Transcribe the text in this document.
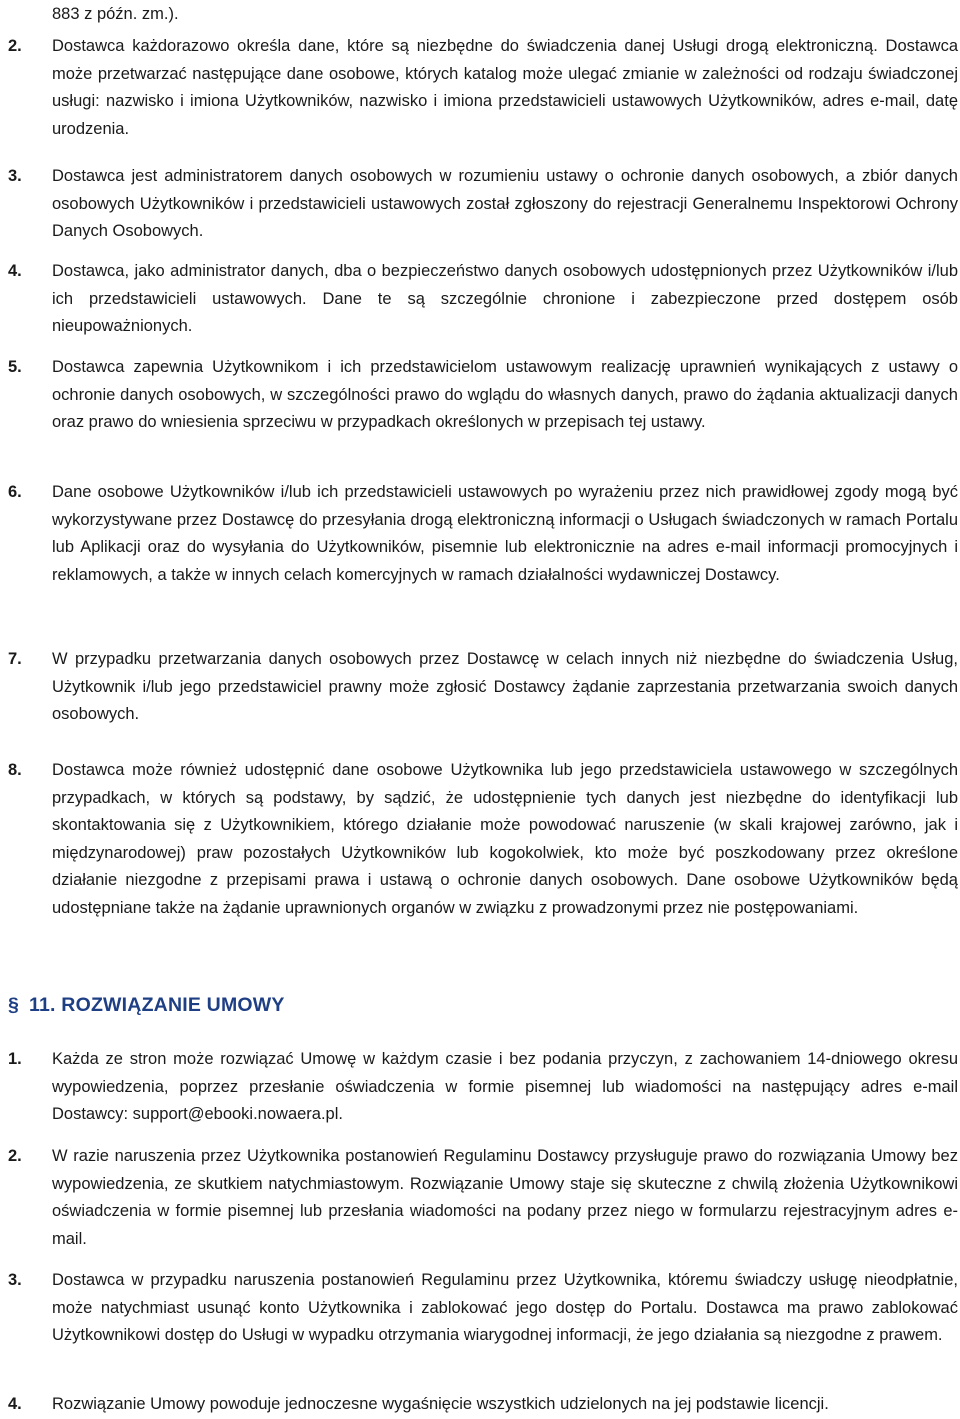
883 z późn. zm.).

2. Dostawca każdorazowo określa dane, które są niezbędne do świadczenia danej Usługi drogą elektroniczną. Dostawca może przetwarzać następujące dane osobowe, których katalog może ulegać zmianie w zależności od rodzaju świadczonej usługi: nazwisko i imiona Użytkowników, nazwisko i imiona przedstawicieli ustawowych Użytkowników, adres e-mail, datę urodzenia.

3. Dostawca jest administratorem danych osobowych w rozumieniu ustawy o ochronie danych osobowych, a zbiór danych osobowych Użytkowników i przedstawicieli ustawowych został zgłoszony do rejestracji Generalnemu Inspektorowi Ochrony Danych Osobowych.

4. Dostawca, jako administrator danych, dba o bezpieczeństwo danych osobowych udostępnionych przez Użytkowników i/lub ich przedstawicieli ustawowych. Dane te są szczególnie chronione i zabezpieczone przed dostępem osób nieupoważnionych.

5. Dostawca zapewnia Użytkownikom i ich przedstawicielom ustawowym realizację uprawnień wynikających z ustawy o ochronie danych osobowych, w szczególności prawo do wglądu do własnych danych, prawo do żądania aktualizacji danych oraz prawo do wniesienia sprzeciwu w przypadkach określonych w przepisach tej ustawy.

6. Dane osobowe Użytkowników i/lub ich przedstawicieli ustawowych po wyrażeniu przez nich prawidłowej zgody mogą być wykorzystywane przez Dostawcę do przesyłania drogą elektroniczną informacji o Usługach świadczonych w ramach Portalu lub Aplikacji oraz do wysyłania do Użytkowników, pisemnie lub elektronicznie na adres e-mail informacji promocyjnych i reklamowych, a także w innych celach komercyjnych w ramach działalności wydawniczej Dostawcy.

7. W przypadku przetwarzania danych osobowych przez Dostawcę w celach innych niż niezbędne do świadczenia Usług, Użytkownik i/lub jego przedstawiciel prawny może zgłosić Dostawcy żądanie zaprzestania przetwarzania swoich danych osobowych.

8. Dostawca może również udostępnić dane osobowe Użytkownika lub jego przedstawiciela ustawowego w szczególnych przypadkach, w których są podstawy, by sądzić, że udostępnienie tych danych jest niezbędne do identyfikacji lub skontaktowania się z Użytkownikiem, którego działanie może powodować naruszenie (w skali krajowej zarówno, jak i międzynarodowej) praw pozostałych Użytkowników lub kogokolwiek, kto może być poszkodowany przez określone działanie niezgodne z przepisami prawa i ustawą o ochronie danych osobowych. Dane osobowe Użytkowników będą udostępniane także na żądanie uprawnionych organów w związku z prowadzonymi przez nie postępowaniami.

§ 11. ROZWIĄZANIE UMOWY
1. Każda ze stron może rozwiązać Umowę w każdym czasie i bez podania przyczyn, z zachowaniem 14-dniowego okresu wypowiedzenia, poprzez przesłanie oświadczenia w formie pisemnej lub wiadomości na następujący adres e-mail Dostawcy: support@ebooki.nowaera.pl.

2. W razie naruszenia przez Użytkownika postanowień Regulaminu Dostawcy przysługuje prawo do rozwiązania Umowy bez wypowiedzenia, ze skutkiem natychmiastowym. Rozwiązanie Umowy staje się skuteczne z chwilą złożenia Użytkownikowi oświadczenia w formie pisemnej lub przesłania wiadomości na podany przez niego w formularzu rejestracyjnym adres e-mail.

3. Dostawca w przypadku naruszenia postanowień Regulaminu przez Użytkownika, któremu świadczy usługę nieodpłatnie, może natychmiast usunąć konto Użytkownika i zablokować jego dostęp do Portalu. Dostawca ma prawo zablokować Użytkownikowi dostęp do Usługi w wypadku otrzymania wiarygodnej informacji, że jego działania są niezgodne z prawem.

4. Rozwiązanie Umowy powoduje jednoczesne wygaśnięcie wszystkich udzielonych na jej podstawie licencji.
